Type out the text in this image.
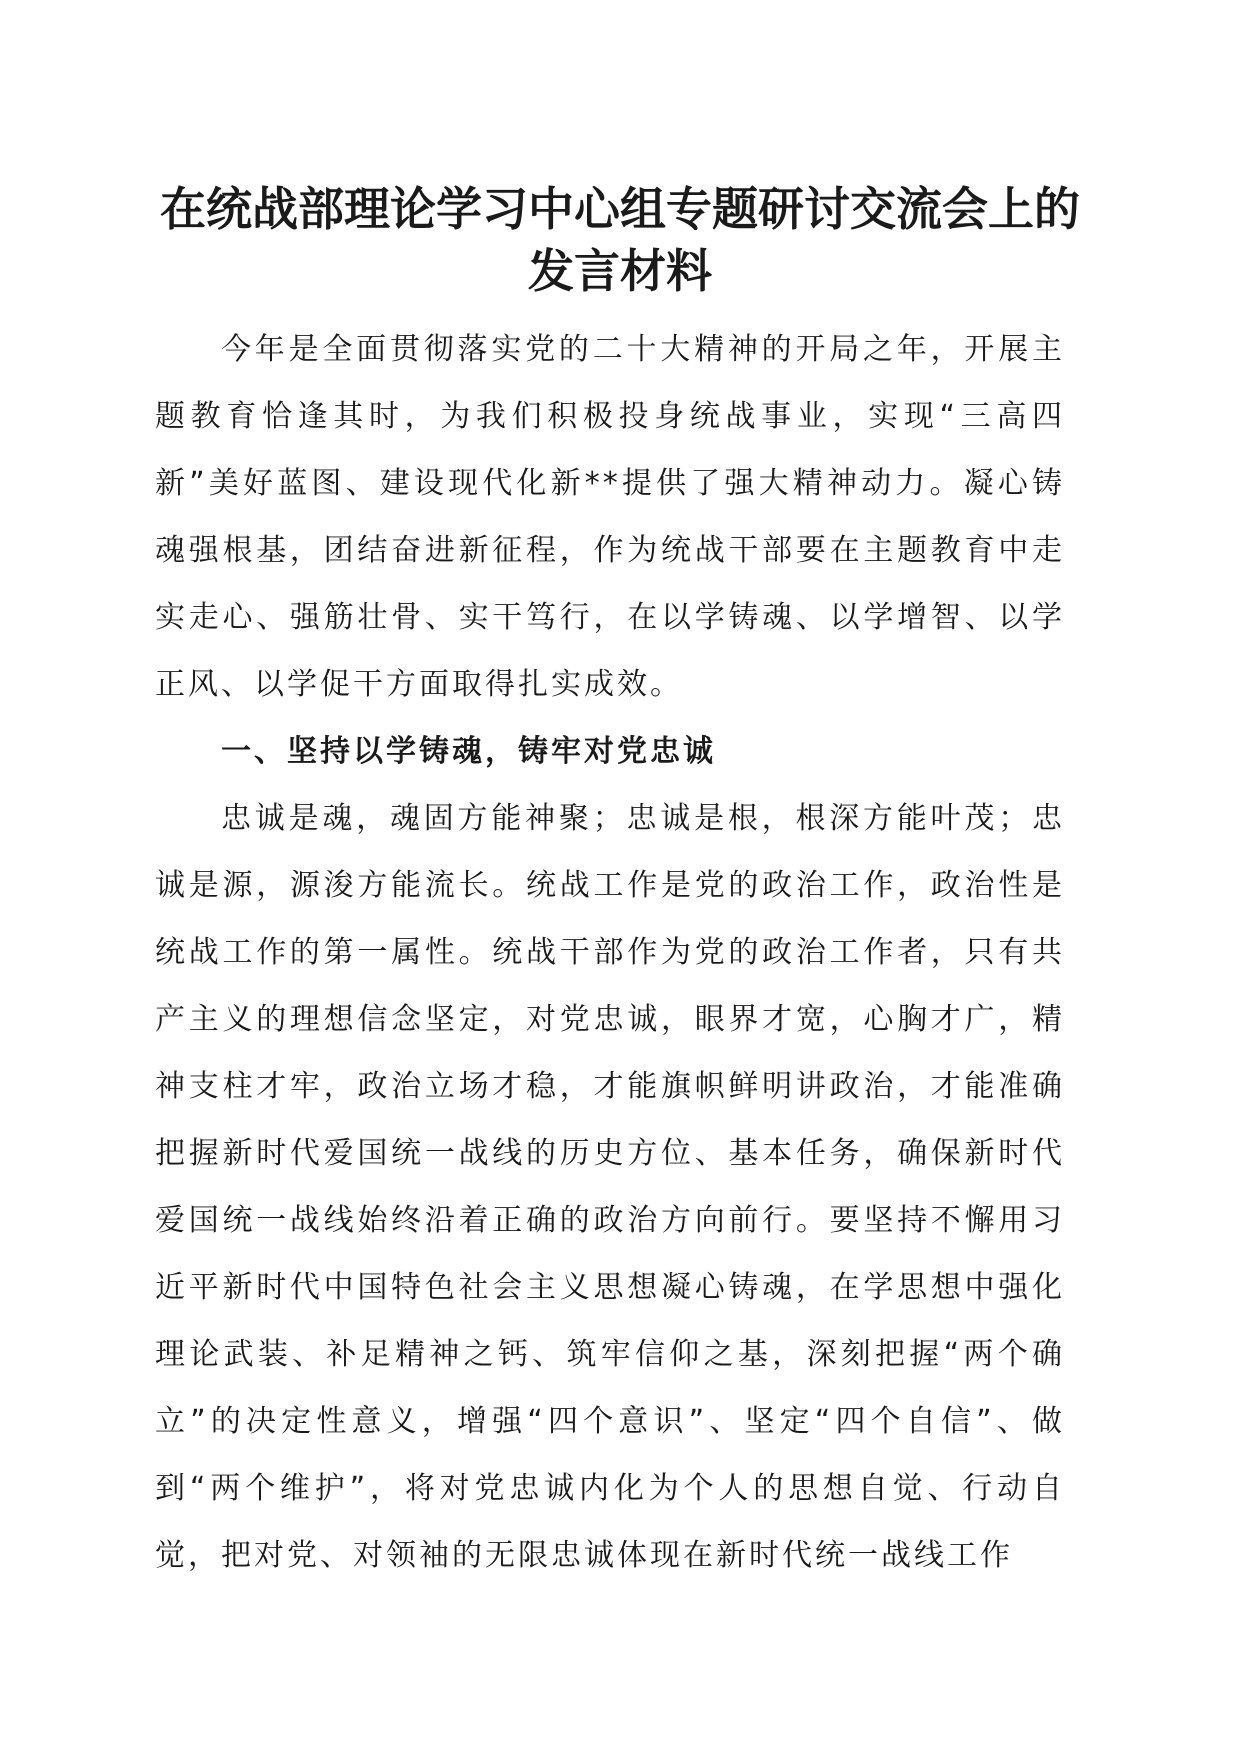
在统战部理论学习中心组专题研讨交流会上的
发言材料

今年是全面贯彻落实党的二十大精神的开局之年，开展主题教育恰逢其时，为我们积极投身统战事业，实现“三高四新”美好蓝图、建设现代化新**提供了强大精神动力。凝心铸魂强根基，团结奋进新征程，作为统战干部要在主题教育中走实走心、强筋壮骨、实干笃行，在以学铸魂、以学增智、以学正风、以学促干方面取得扎实成效。

一、坚持以学铸魂，铸牢对党忠诚

忠诚是魂，魂固方能神聚；忠诚是根，根深方能叶茂；忠诚是源，源浚方能流长。统战工作是党的政治工作，政治性是统战工作的第一属性。统战干部作为党的政治工作者，只有共产主义的理想信念坚定，对党忠诚，眼界才宽，心胸才广，精神支柱才牢，政治立场才稳，才能旗帜鲜明讲政治，才能准确把握新时代爱国统一战线的历史方位、基本任务，确保新时代爱国统一战线始终沿着正确的政治方向前行。要坚持不懈用习近平新时代中国特色社会主义思想凝心铸魂，在学思想中强化理论武装、补足精神之钙、筑牢信仰之基，深刻把握“两个确立”的决定性意义，增强“四个意识”、坚定“四个自信”、做到“两个维护”，将对党忠诚内化为个人的思想自觉、行动自觉，把对党、对领袖的无限忠诚体现在新时代统一战线工作
